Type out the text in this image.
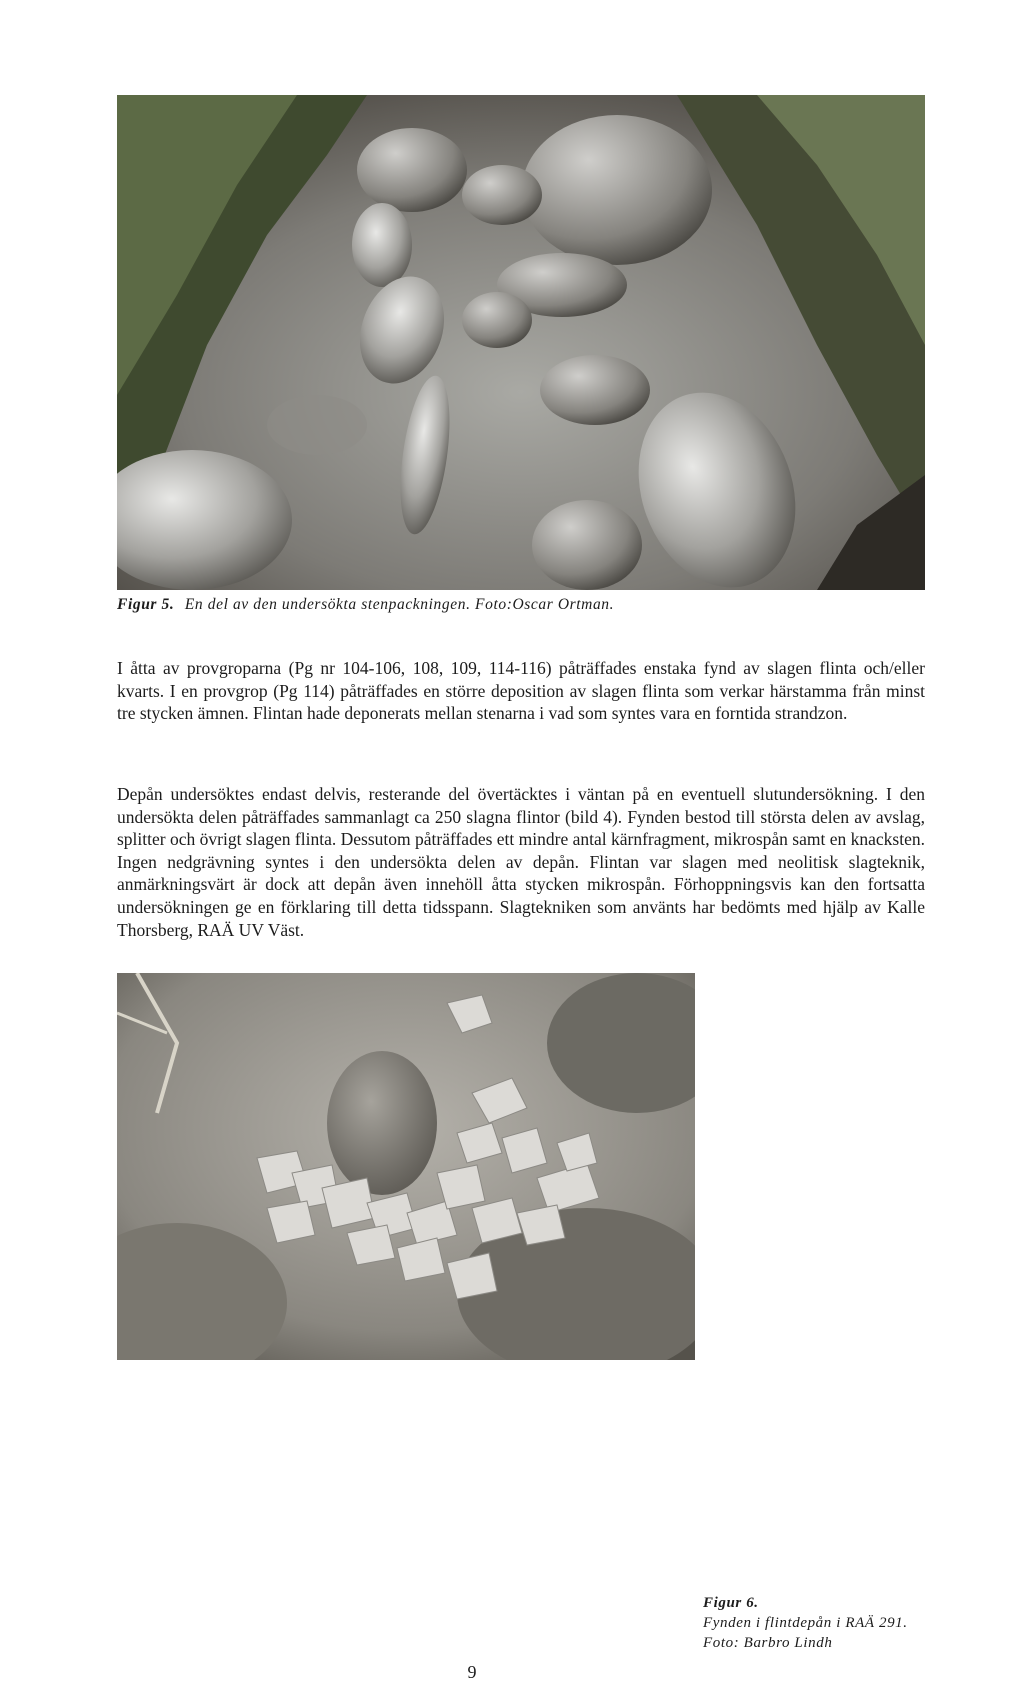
Figur 5. En del av den undersökta stenpackningen. Foto:Oscar Ortman.

I åtta av provgroparna (Pg nr 104-106, 108, 109, 114-116) påträffades enstaka fynd av slagen flinta och/eller kvarts. I en provgrop (Pg 114) påträffades en större deposition av slagen flinta som verkar härstamma från minst tre stycken ämnen. Flintan hade deponerats mellan stenarna i vad som syntes vara en forntida strandzon.

Depån undersöktes endast delvis, resterande del övertäcktes i väntan på en eventuell slutundersökning. I den undersökta delen påträffades sammanlagt ca 250 slagna flintor (bild 4). Fynden bestod till största delen av avslag, splitter och övrigt slagen flinta. Dessutom påträffades ett mindre antal kärnfragment, mikrospån samt en knacksten. Ingen nedgrävning syntes i den undersökta delen av depån. Flintan var slagen med neolitisk slagteknik, anmärkningsvärt är dock att depån även innehöll åtta stycken mikrospån. Förhoppningsvis kan den fortsatta undersökningen ge en förklaring till detta tidsspann. Slagtekniken som använts har bedömts med hjälp av Kalle Thorsberg, RAÄ UV Väst.

Figur 6.
Fynden i flintdepån i RAÄ 291.
Foto: Barbro Lindh
9
